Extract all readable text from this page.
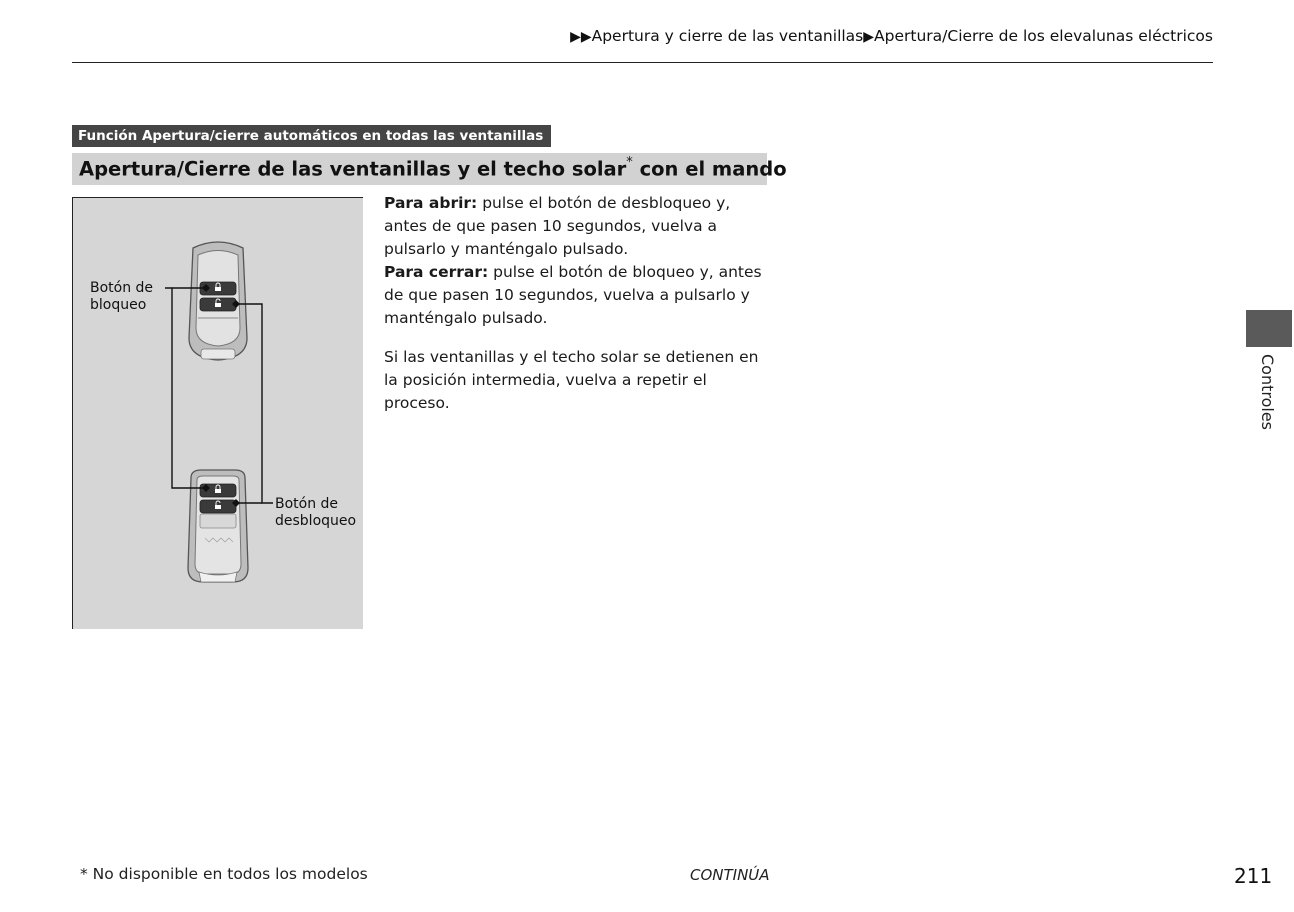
▶▶Apertura y cierre de las ventanillas▶Apertura/Cierre de los elevalunas eléctricos
Función Apertura/cierre automáticos en todas las ventanillas
Apertura/Cierre de las ventanillas y el techo solar* con el mando
Botón de
bloqueo
Botón de
desbloqueo

Para abrir: pulse el botón de desbloqueo y, antes de que pasen 10 segundos, vuelva a pulsarlo y manténgalo pulsado.

Para cerrar: pulse el botón de bloqueo y, antes de que pasen 10 segundos, vuelva a pulsarlo y manténgalo pulsado.

Si las ventanillas y el techo solar se detienen en la posición intermedia, vuelva a repetir el proceso.	Controles
* No disponible en todos los modelos	CONTINÚA	211
